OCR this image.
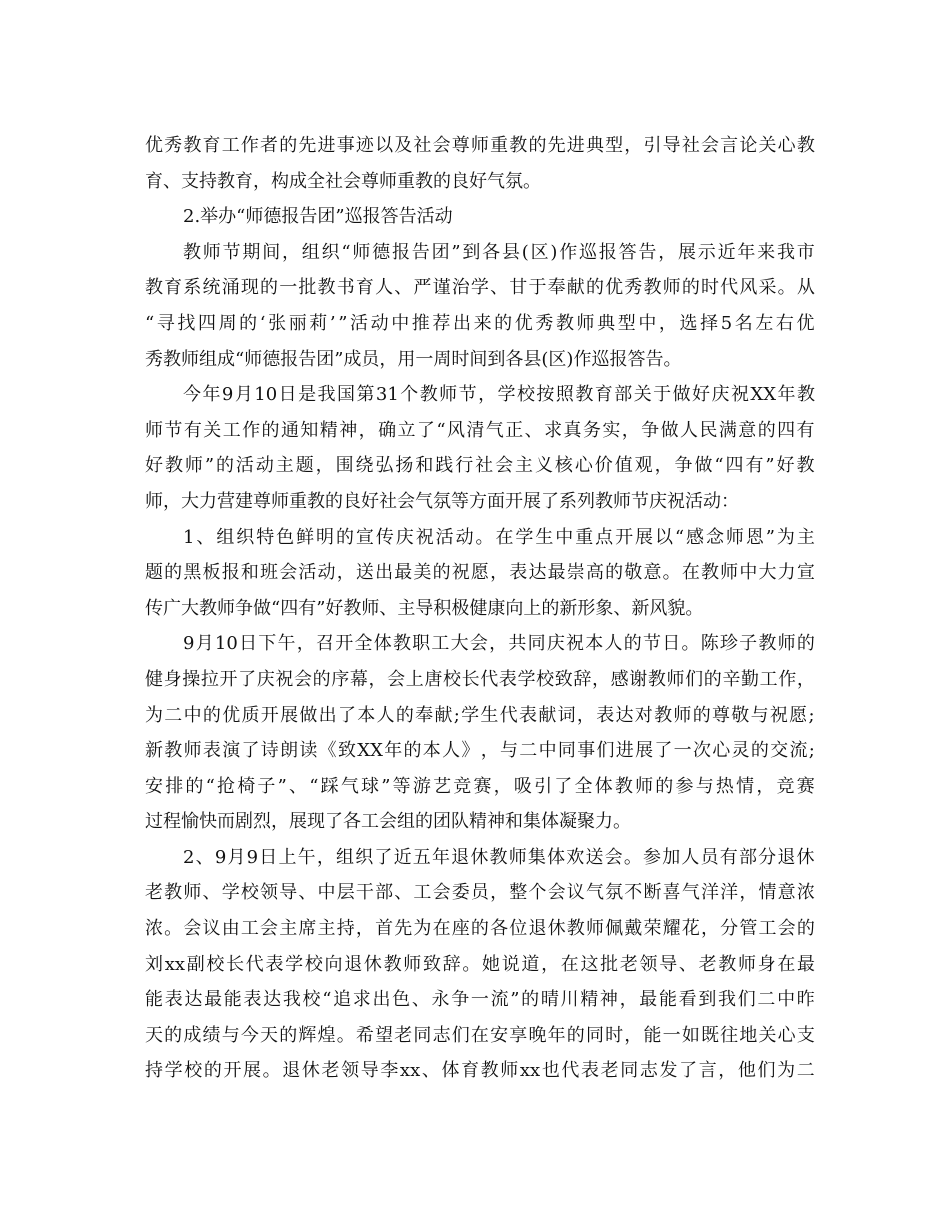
优 秀 教 育 工 作 者 的 先 进 事 迹 以 及 社 会 尊 师 重 教 的 先 进 典 型 ， 引 导 社 会 言 论 关 心 教
育、支持教育，构成全社会尊师重教的良好气氛。
2.举办“师德报告团”巡报答告活动
教 师 节 期 间 ， 组 织 “ 师 德 报 告 团 ” 到 各 县 ( 区 ) 作 巡 报 答 告 ， 展 示 近 年 来 我 市
教 育 系 统 涌 现 的 一 批 教 书 育 人 、 严 谨 治 学 、 甘 于 奉 献 的 优 秀 教 师 的 时 代 风 采 。 从
“ 寻 找 四 周 的 ‘ 张 丽 莉 ’ ” 活 动 中 推 荐 出 来 的 优 秀 教 师 典 型 中 ， 选 择 5 名 左 右 优
秀教师组成“师德报告团”成员，用一周时间到各县(区)作巡报答告。
今 年 9 月 10 日 是 我 国 第 31 个 教 师 节 ， 学 校 按 照 教 育 部 关 于 做 好 庆 祝 XX 年 教
师 节 有 关 工 作 的 通 知 精 神 ， 确 立 了 “ 风 清 气 正 、 求 真 务 实 ， 争 做 人 民 满 意 的 四 有
好 教 师 ” 的 活 动 主 题 ， 围 绕 弘 扬 和 践 行 社 会 主 义 核 心 价 值 观 ， 争 做 “ 四 有 ” 好 教
师，大力营建尊师重教的良好社会气氛等方面开展了系列教师节庆祝活动：
1 、 组 织 特 色 鲜 明 的 宣 传 庆 祝 活 动 。 在 学 生 中 重 点 开 展 以 “ 感 念 师 恩 ” 为 主
题 的 黑 板 报 和 班 会 活 动 ， 送 出 最 美 的 祝 愿 ， 表 达 最 崇 高 的 敬 意 。 在 教 师 中 大 力 宣
传广大教师争做“四有”好教师、主导积极健康向上的新形象、新风貌。
9 月 10 日 下 午 ， 召 开 全 体 教 职 工 大 会 ， 共 同 庆 祝 本 人 的 节 日 。 陈 珍 子 教 师 的
健 身 操 拉 开 了 庆 祝 会 的 序 幕 ， 会 上 唐 校 长 代 表 学 校 致 辞 ， 感 谢 教 师 们 的 辛 勤 工 作 ，
为 二 中 的 优 质 开 展 做 出 了 本 人 的 奉 献 ; 学 生 代 表 献 词 ， 表 达 对 教 师 的 尊 敬 与 祝 愿 ;
新 教 师 表 演 了 诗 朗 读 《 致 XX 年 的 本 人 》 ， 与 二 中 同 事 们 进 展 了 一 次 心 灵 的 交 流 ;
安 排 的 “ 抢 椅 子 ” 、 “ 踩 气 球 ” 等 游 艺 竞 赛 ， 吸 引 了 全 体 教 师 的 参 与 热 情 ， 竞 赛
过程愉快而剧烈，展现了各工会组的团队精神和集体凝聚力。
2 、 9 月 9 日 上 午 ， 组 织 了 近 五 年 退 休 教 师 集 体 欢 送 会 。 参 加 人 员 有 部 分 退 休
老 教 师 、 学 校 领 导 、 中 层 干 部 、 工 会 委 员 ， 整 个 会 议 气 氛 不 断 喜 气 洋 洋 ， 情 意 浓
浓 。 会 议 由 工 会 主 席 主 持 ， 首 先 为 在 座 的 各 位 退 休 教 师 佩 戴 荣 耀 花 ， 分 管 工 会 的
刘 xx 副 校 长 代 表 学 校 向 退 休 教 师 致 辞 。 她 说 道 ， 在 这 批 老 领 导 、 老 教 师 身 在 最
能 表 达 最 能 表 达 我 校 “ 追 求 出 色 、 永 争 一 流 ” 的 晴 川 精 神 ， 最 能 看 到 我 们 二 中 昨
天 的 成 绩 与 今 天 的 辉 煌 。 希 望 老 同 志 们 在 安 享 晚 年 的 同 时 ， 能 一 如 既 往 地 关 心 支
持 学 校 的 开 展 。 退 休 老 领 导 李 xx 、 体 育 教 师 xx 也 代 表 老 同 志 发 了 言 ， 他 们 为 二
